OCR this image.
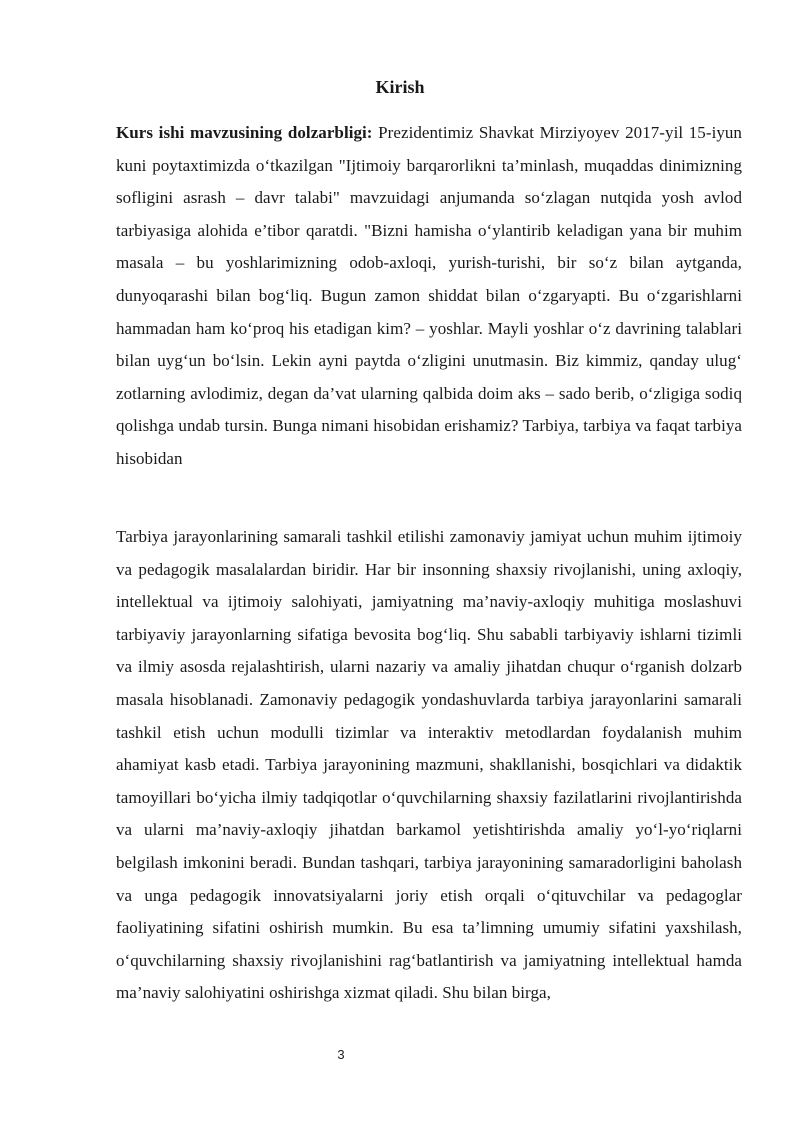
Kirish

Kurs ishi mavzusining dolzarbligi: Prezidentimiz Shavkat Mirziyoyev 2017-yil 15-iyun kuni poytaxtimizda o‘tkazilgan "Ijtimoiy barqarorlikni ta’minlash, muqaddas dinimizning sofligini asrash – davr talabi" mavzuidagi anjumanda so‘zlagan nutqida yosh avlod tarbiyasiga alohida e’tibor qaratdi. "Bizni hamisha o‘ylantirib keladigan yana bir muhim masala – bu yoshlarimizning odob-axloqi, yurish-turishi, bir so‘z bilan aytganda, dunyoqarashi bilan bog‘liq. Bugun zamon shiddat bilan o‘zgaryapti. Bu o‘zgarishlarni hammadan ham ko‘proq his etadigan kim? – yoshlar. Mayli yoshlar o‘z davrining talablari bilan uyg‘un bo‘lsin. Lekin ayni paytda o‘zligini unutmasin. Biz kimmiz, qanday ulug‘ zotlarning avlodimiz, degan da’vat ularning qalbida doim aks – sado berib, o‘zligiga sodiq qolishga undab tursin. Bunga nimani hisobidan erishamiz? Tarbiya, tarbiya va faqat tarbiya hisobidan

Tarbiya jarayonlarining samarali tashkil etilishi zamonaviy jamiyat uchun muhim ijtimoiy va pedagogik masalalardan biridir. Har bir insonning shaxsiy rivojlanishi, uning axloqiy, intellektual va ijtimoiy salohiyati, jamiyatning ma’naviy-axloqiy muhitiga moslashuvi tarbiyaviy jarayonlarning sifatiga bevosita bog‘liq. Shu sababli tarbiyaviy ishlarni tizimli va ilmiy asosda rejalashtirish, ularni nazariy va amaliy jihatdan chuqur o‘rganish dolzarb masala hisoblanadi. Zamonaviy pedagogik yondashuvlarda tarbiya jarayonlarini samarali tashkil etish uchun modulli tizimlar va interaktiv metodlardan foydalanish muhim ahamiyat kasb etadi. Tarbiya jarayonining mazmuni, shakllanishi, bosqichlari va didaktik tamoyillari bo‘yicha ilmiy tadqiqotlar o‘quvchilarning shaxsiy fazilatlarini rivojlantirishda va ularni ma’naviy-axloqiy jihatdan barkamol yetishtirishda amaliy yo‘l-yo‘riqlarni belgilash imkonini beradi. Bundan tashqari, tarbiya jarayonining samaradorligini baholash va unga pedagogik innovatsiyalarni joriy etish orqali o‘qituvchilar va pedagoglar faoliyatining sifatini oshirish mumkin. Bu esa ta’limning umumiy sifatini yaxshilash, o‘quvchilarning shaxsiy rivojlanishini rag‘batlantirish va jamiyatning intellektual hamda ma’naviy salohiyatini oshirishga xizmat qiladi. Shu bilan birga,

3
